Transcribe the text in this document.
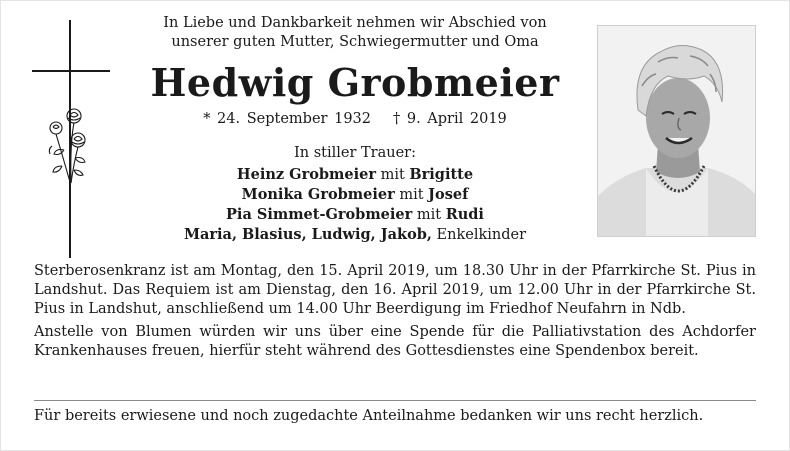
In Liebe und Dankbarkeit nehmen wir Abschied von

unserer guten Mutter, Schwiegermutter und Oma

Hedwig Grobmeier

* 24. September 1932 † 9. April 2019

In stiller Trauer:

Heinz Grobmeier mit Brigitte

Monika Grobmeier mit Josef

Pia Simmet-Grobmeier mit Rudi

Maria, Blasius, Ludwig, Jakob, Enkelkinder

Sterberosenkranz ist am Montag, den 15. April 2019, um 18.30 Uhr in der Pfarrkirche St. Pius in Landshut. Das Requiem ist am Dienstag, den 16. April 2019, um 12.00 Uhr in der Pfarrkirche St. Pius in Landshut, anschließend um 14.00 Uhr Beerdigung im Friedhof Neufahrn in Ndb.

Anstelle von Blumen würden wir uns über eine Spende für die Palliativstation des Achdorfer Krankenhauses freuen, hierfür steht während des Gottesdienstes eine Spendenbox bereit.

Für bereits erwiesene und noch zugedachte Anteilnahme bedanken wir uns recht herzlich.
